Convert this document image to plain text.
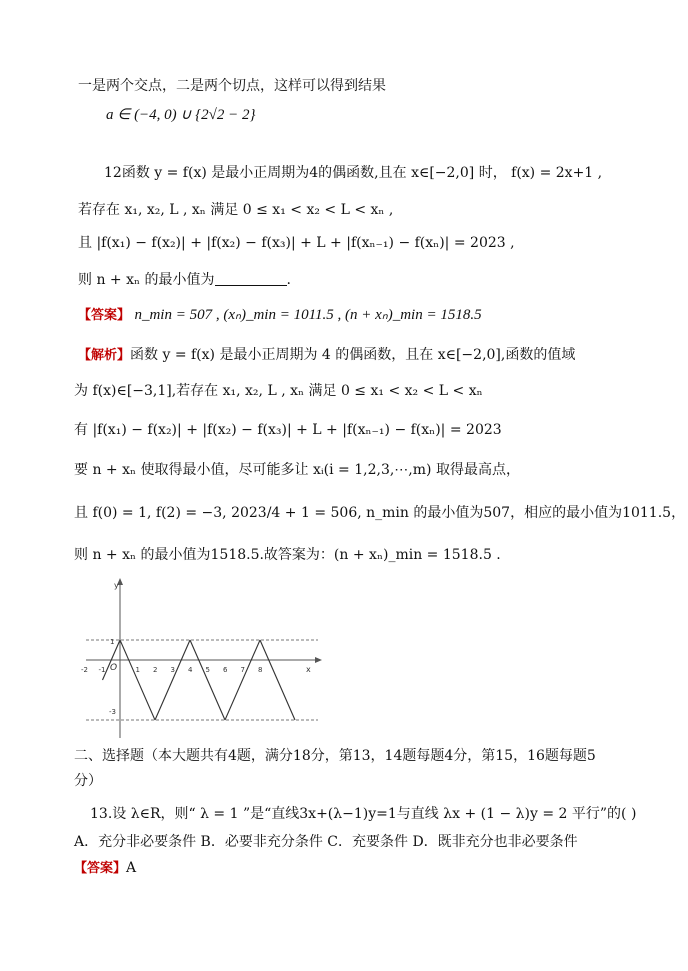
一是两个交点，二是两个切点，这样可以得到结果
a ∈ (−4, 0) ∪ {2√2 − 2}
12函数 y = f(x) 是最小正周期为4的偶函数,且在 x∈[−2,0] 时， f(x) = 2x+1 ,
若存在 x₁, x₂, L , xₙ 满足 0 ≤ x₁ < x₂ < L < xₙ ,
且 |f(x₁) − f(x₂)| + |f(x₂) − f(x₃)| + L + |f(xₙ₋₁) − f(xₙ)| = 2023 ,
则 n + xₙ 的最小值为	.
【答案】 n_min = 507 , (xₙ)_min = 1011.5 , (n + xₙ)_min = 1518.5
【解析】函数 y = f(x) 是最小正周期为 4 的偶函数，且在 x∈[−2,0],函数的值域
为 f(x)∈[−3,1],若存在 x₁, x₂, L , xₙ 满足 0 ≤ x₁ < x₂ < L < xₙ
有 |f(x₁) − f(x₂)| + |f(x₂) − f(x₃)| + L + |f(xₙ₋₁) − f(xₙ)| = 2023
要 n + xₙ 使取得最小值，尽可能多让 xᵢ(i = 1,2,3,⋯,m) 取得最高点，
且 f(0) = 1, f(2) = −3, 2023/4 + 1 = 506, n_min 的最小值为507，相应的最小值为1011.5，
则 n + xₙ 的最小值为1518.5.故答案为：(n + xₙ)_min = 1518.5 .
y
x
O
-2 -1	1 2 3 4 5 6 7 8
1
-3
二、选择题（本大题共有4题，满分18分，第13，14题每题4分，第15，16题每题5
分）
13.设 λ∈R，则“ λ = 1 ”是“直线3x+(λ−1)y=1与直线 λx + (1 − λ)y = 2 平行”的( )
A．充分非必要条件 B．必要非充分条件 C．充要条件 D．既非充分也非必要条件
【答案】A
